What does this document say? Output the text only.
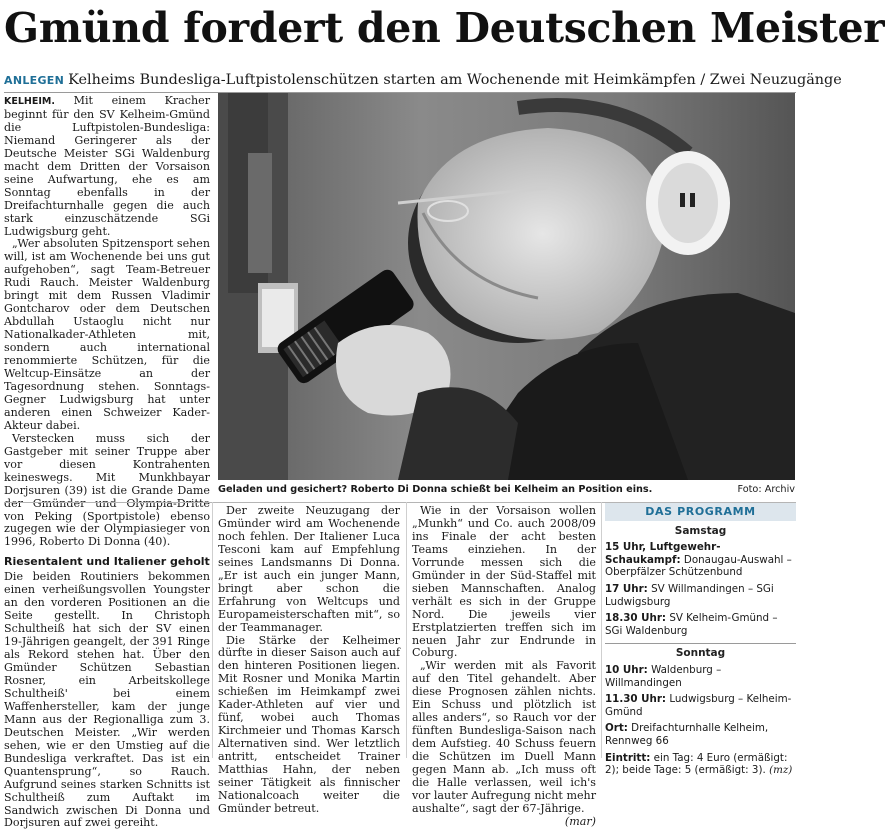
Gmünd fordert den Deutschen Meister
ANLEGEN Kelheims Bundesliga-Luftpistolenschützen starten am Wochenende mit Heimkämpfen / Zwei Neuzugänge

KELHEIM. Mit einem Kracher beginnt für den SV Kelheim-Gmünd die Luftpistolen-Bundesliga: Niemand Geringerer als der Deutsche Meister SGi Waldenburg macht dem Dritten der Vorsaison seine Aufwartung, ehe es am Sonntag ebenfalls in der Dreifachturnhalle gegen die auch stark einzuschätzende SGi Ludwigsburg geht.

„Wer absoluten Spitzensport sehen will, ist am Wochenende bei uns gut aufgehoben“, sagt Team-Betreuer Rudi Rauch. Meister Waldenburg bringt mit dem Russen Vladimir Gontcharov oder dem Deutschen Abdullah Ustaoglu nicht nur Nationalkader-Athleten mit, sondern auch international renommierte Schützen, für die Weltcup-Einsätze an der Tagesordnung stehen. Sonntags-Gegner Ludwigsburg hat unter anderen einen Schweizer Kader-Akteur dabei.

Verstecken muss sich der Gastgeber mit seiner Truppe aber vor diesen Kontrahenten keineswegs. Mit Munkhbayar Dorjsuren (39) ist die Grande Dame der Gmünder und Olympia-Dritte von Peking (Sportpistole) ebenso zugegen wie der Olympiasieger von 1996, Roberto Di Donna (40).

Riesentalent und Italiener geholt

Die beiden Routiniers bekommen einen verheißungsvollen Youngster an den vorderen Positionen an die Seite gestellt. In Christoph Schultheiß hat sich der SV einen 19-Jährigen geangelt, der 391 Ringe als Rekord stehen hat. Über den Gmünder Schützen Sebastian Rosner, ein Arbeitskollege Schultheiß' bei einem Waffenhersteller, kam der junge Mann aus der Regionalliga zum 3. Deutschen Meister. „Wir werden sehen, wie er den Umstieg auf die Bundesliga verkraftet. Das ist ein Quantensprung“, so Rauch. Aufgrund seines starken Schnitts ist Schultheiß zum Auftakt im Sandwich zwischen Di Donna und Dorjsuren auf zwei gereiht.

Geladen und gesichert? Roberto Di Donna schießt bei Kelheim an Position eins.	Foto: Archiv

Der zweite Neuzugang der Gmünder wird am Wochenende noch fehlen. Der Italiener Luca Tesconi kam auf Empfehlung seines Landsmanns Di Donna. „Er ist auch ein junger Mann, bringt aber schon die Erfahrung von Weltcups und Europameisterschaften mit“, so der Teammanager.

Die Stärke der Kelheimer dürfte in dieser Saison auch auf den hinteren Positionen liegen. Mit Rosner und Monika Martin schießen im Heimkampf zwei Kader-Athleten auf vier und fünf, wobei auch Thomas Kirchmeier und Thomas Karsch Alternativen sind. Wer letztlich antritt, entscheidet Trainer Matthias Hahn, der neben seiner Tätigkeit als finnischer Nationalcoach weiter die Gmünder betreut.

Wie in der Vorsaison wollen „Munkh“ und Co. auch 2008/09 ins Finale der acht besten Teams einziehen. In der Vorrunde messen sich die Gmünder in der Süd-Staffel mit sieben Mannschaften. Analog verhält es sich in der Gruppe Nord. Die jeweils vier Erstplatzierten treffen sich im neuen Jahr zur Endrunde in Coburg.

„Wir werden mit als Favorit auf den Titel gehandelt. Aber diese Prognosen zählen nichts. Ein Schuss und plötzlich ist alles anders“, so Rauch vor der fünften Bundesliga-Saison nach dem Aufstieg. 40 Schuss feuern die Schützen im Duell Mann gegen Mann ab. „Ich muss oft die Halle verlassen, weil ich's vor lauter Aufregung nicht mehr aushalte“, sagt der 67-Jährige.
(mar)

DAS PROGRAMM
Samstag
15 Uhr, Luftgewehr-Schaukampf: Donaugau-Auswahl – Oberpfälzer Schützenbund
17 Uhr: SV Willmandingen – SGi Ludwigsburg
18.30 Uhr: SV Kelheim-Gmünd – SGi Waldenburg
Sonntag
10 Uhr: Waldenburg – Willmandingen
11.30 Uhr: Ludwigsburg – Kelheim-Gmünd
Ort: Dreifachturnhalle Kelheim, Rennweg 66
Eintritt: ein Tag: 4 Euro (ermäßigt: 2); beide Tage: 5 (ermäßigt: 3). (mz)
